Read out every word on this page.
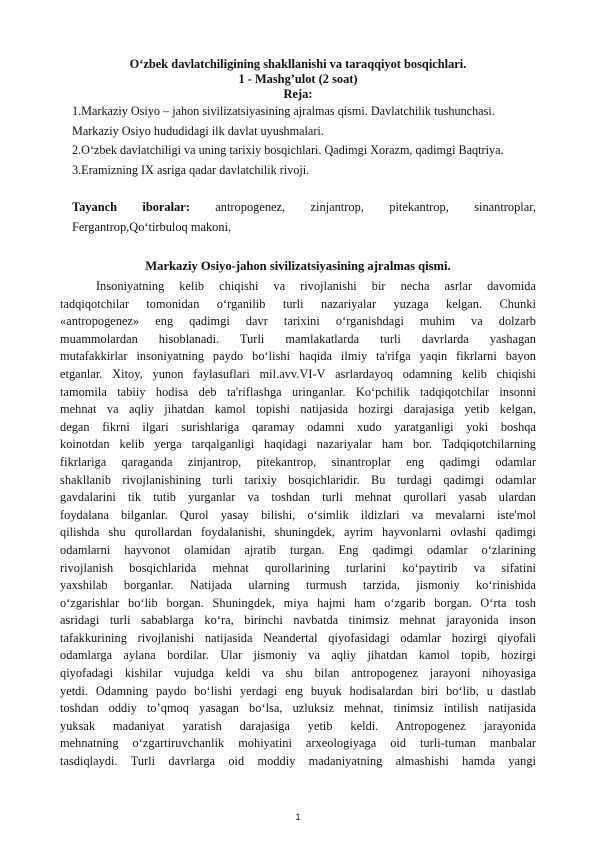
O‘zbek davlatchiligining shakllanishi va taraqqiyot bosqichlari.
1 - Mashg’ulot (2 soat)
Reja:
1.Markaziy Osiyo – jahon sivilizatsiyasining ajralmas qismi. Davlatchilik tushunchasi.
Markaziy Osiyo hududidagi ilk davlat uyushmalari.
2.O‘zbek davlatchiligi va uning tarixiy bosqichlari. Qadimgi Xorazm, qadimgi Baqtriya.
3.Eramizning IX asriga qadar davlatchilik rivoji.
Tayanch iboralar: antropogenez, zinjantrop, pitekantrop, sinantroplar,
Fergantrop,Qo‘tirbuloq makoni,
Markaziy Osiyo-jahon sivilizatsiyasining ajralmas qismi.
Insoniyatning kelib chiqishi va rivojlanishi bir necha asrlar davomida
tadqiqotchilar tomonidan o‘rganilib turli nazariyalar yuzaga kelgan. Chunki
«antropogenez» eng qadimgi davr tarixini o‘rganishdagi muhim va dolzarb
muammolardan hisoblanadi. Turli mamlakatlarda turli davrlarda yashagan
mutafakkirlar insoniyatning paydo bo‘lishi haqida ilmiy ta'rifga yaqin fikrlarni bayon
etganlar. Xitoy, yunon faylasuflari mil.avv.VI-V asrlardayoq odamning kelib chiqishi
tamomila tabiiy hodisa deb ta'riflashga uringanlar. Ko‘pchilik tadqiqotchilar insonni
mehnat va aqliy jihatdan kamol topishi natijasida hozirgi darajasiga yetib kelgan,
degan fikrni ilgari surishlariga qaramay odamni xudo yaratganligi yoki boshqa
koinotdan kelib yerga tarqalganligi haqidagi nazariyalar ham bor. Tadqiqotchilarning
fikrlariga qaraganda zinjantrop, pitekantrop, sinantroplar eng qadimgi odamlar
shakllanib rivojlanishining turli tarixiy bosqichlaridir. Bu turdagi qadimgi odamlar
gavdalarini tik tutib yurganlar va toshdan turli mehnat qurollari yasab ulardan
foydalana bilganlar. Qurol yasay bilishi, o‘simlik ildizlari va mevalarni iste'mol
qilishda shu qurollardan foydalanishi, shuningdek, ayrim hayvonlarni ovlashi qadimgi
odamlarni hayvonot olamidan ajratib turgan. Eng qadimgi odamlar o‘zlarining
rivojlanish bosqichlarida mehnat qurollarining turlarini ko‘paytirib va sifatini
yaxshilab borganlar. Natijada ularning turmush tarzida, jismoniy ko‘rinishida
o‘zgarishlar bo‘lib borgan. Shuningdek, miya hajmi ham o‘zgarib borgan. O‘rta tosh
asridagi turli sabablarga ko‘ra, birinchi navbatda tinimsiz mehnat jarayonida inson
tafakkurining rivojlanishi natijasida Neandertal qiyofasidagi odamlar hozirgi qiyofali
odamlarga aylana bordilar. Ular jismoniy va aqliy jihatdan kamol topib, hozirgi
qiyofadagi kishilar vujudga keldi va shu bilan antropogenez jarayoni nihoyasiga
yetdi. Odamning paydo bo‘lishi yerdagi eng buyuk hodisalardan biri bo‘lib, u dastlab
toshdan oddiy to’qmoq yasagan bo‘lsa, uzluksiz mehnat, tinimsiz intilish natijasida
yuksak madaniyat yaratish darajasiga yetib keldi. Antropogenez jarayonida
mehnatning o‘zgartiruvchanlik mohiyatini arxeologiyaga oid turli-tuman manbalar
tasdiqlaydi. Turli davrlarga oid moddiy madaniyatning almashishi hamda yangi
1
